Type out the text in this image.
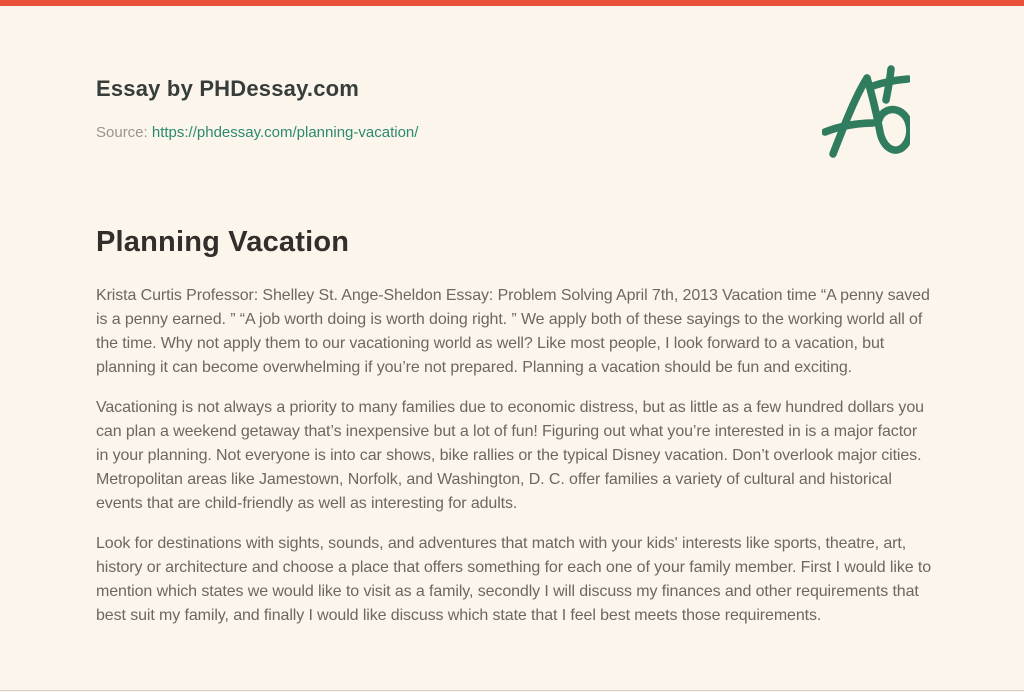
Essay by PHDessay.com
Source: https://phdessay.com/planning-vacation/
Planning Vacation

Krista Curtis Professor: Shelley St. Ange-Sheldon Essay: Problem Solving April 7th, 2013 Vacation time “A penny saved is a penny earned. ” “A job worth doing is worth doing right. ” We apply both of these sayings to the working world all of the time. Why not apply them to our vacationing world as well? Like most people, I look forward to a vacation, but planning it can become overwhelming if you’re not prepared. Planning a vacation should be fun and exciting.

Vacationing is not always a priority to many families due to economic distress, but as little as a few hundred dollars you can plan a weekend getaway that’s inexpensive but a lot of fun! Figuring out what you’re interested in is a major factor in your planning. Not everyone is into car shows, bike rallies or the typical Disney vacation. Don’t overlook major cities. Metropolitan areas like Jamestown, Norfolk, and Washington, D. C. offer families a variety of cultural and historical events that are child-friendly as well as interesting for adults.

Look for destinations with sights, sounds, and adventures that match with your kids' interests like sports, theatre, art, history or architecture and choose a place that offers something for each one of your family member. First I would like to mention which states we would like to visit as a family, secondly I will discuss my finances and other requirements that best suit my family, and finally I would like discuss which state that I feel best meets those requirements.
